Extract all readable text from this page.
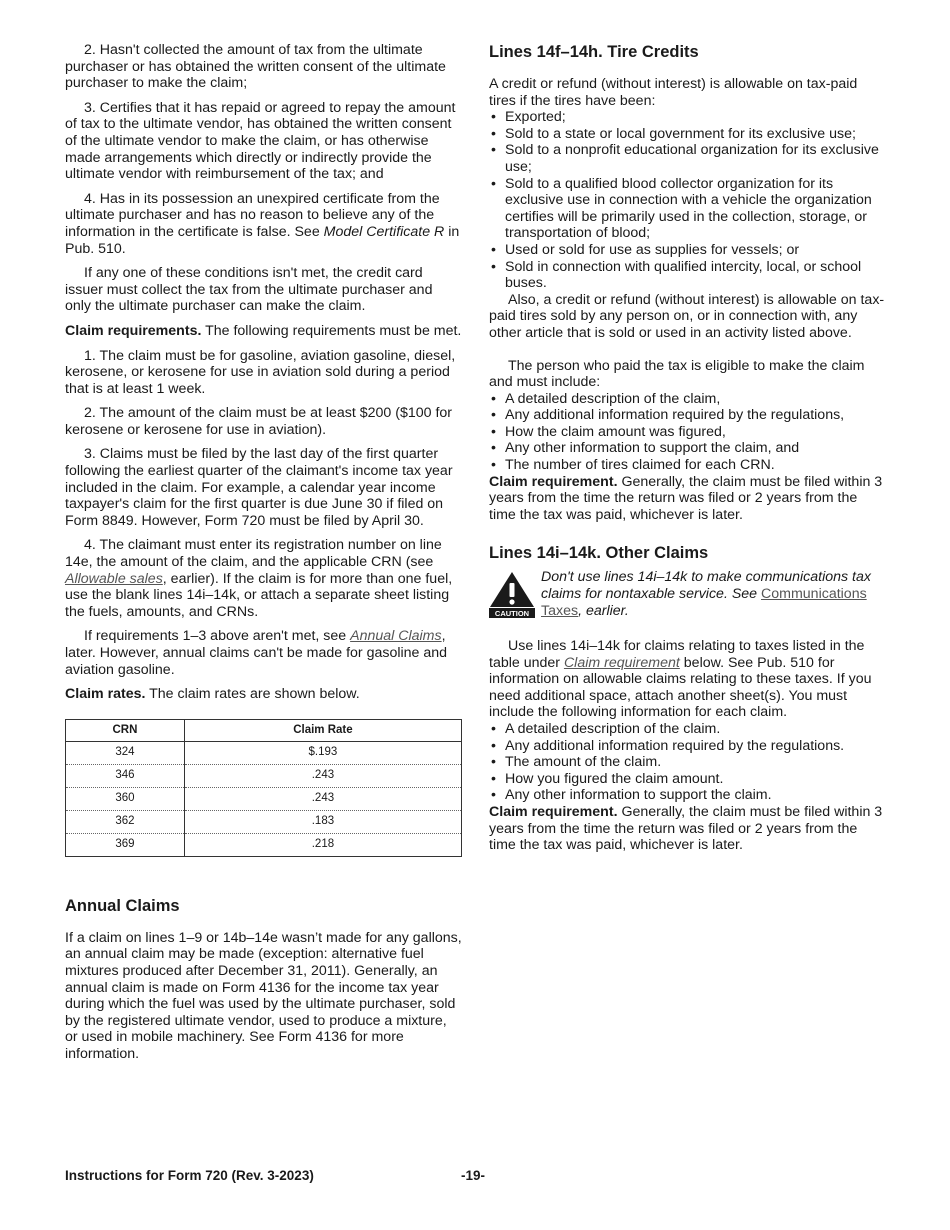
2. Hasn't collected the amount of tax from the ultimate purchaser or has obtained the written consent of the ultimate purchaser to make the claim;

3. Certifies that it has repaid or agreed to repay the amount of tax to the ultimate vendor, has obtained the written consent of the ultimate vendor to make the claim, or has otherwise made arrangements which directly or indirectly provide the ultimate vendor with reimbursement of the tax; and

4. Has in its possession an unexpired certificate from the ultimate purchaser and has no reason to believe any of the information in the certificate is false. See Model Certificate R in Pub. 510.

If any one of these conditions isn't met, the credit card issuer must collect the tax from the ultimate purchaser and only the ultimate purchaser can make the claim.

Claim requirements. The following requirements must be met.

1. The claim must be for gasoline, aviation gasoline, diesel, kerosene, or kerosene for use in aviation sold during a period that is at least 1 week.

2. The amount of the claim must be at least $200 ($100 for kerosene or kerosene for use in aviation).

3. Claims must be filed by the last day of the first quarter following the earliest quarter of the claimant's income tax year included in the claim. For example, a calendar year income taxpayer's claim for the first quarter is due June 30 if filed on Form 8849. However, Form 720 must be filed by April 30.

4. The claimant must enter its registration number on line 14e, the amount of the claim, and the applicable CRN (see Allowable sales, earlier). If the claim is for more than one fuel, use the blank lines 14i–14k, or attach a separate sheet listing the fuels, amounts, and CRNs.

If requirements 1–3 above aren't met, see Annual Claims, later. However, annual claims can't be made for gasoline and aviation gasoline.

Claim rates. The claim rates are shown below.

CRN	Claim Rate
324	$.193
346	.243
360	.243
362	.183
369	.218
Annual Claims

If a claim on lines 1–9 or 14b–14e wasn’t made for any gallons, an annual claim may be made (exception: alternative fuel mixtures produced after December 31, 2011). Generally, an annual claim is made on Form 4136 for the income tax year during which the fuel was used by the ultimate purchaser, sold by the registered ultimate vendor, used to produce a mixture, or used in mobile machinery. See Form 4136 for more information.

Lines 14f–14h. Tire Credits

A credit or refund (without interest) is allowable on tax-paid tires if the tires have been:

• Exported;
• Sold to a state or local government for its exclusive use;
• Sold to a nonprofit educational organization for its exclusive use;
• Sold to a qualified blood collector organization for its exclusive use in connection with a vehicle the organization certifies will be primarily used in the collection, storage, or transportation of blood;
• Used or sold for use as supplies for vessels; or
• Sold in connection with qualified intercity, local, or school buses.

Also, a credit or refund (without interest) is allowable on tax-paid tires sold by any person on, or in connection with, any other article that is sold or used in an activity listed above.

The person who paid the tax is eligible to make the claim and must include:

• A detailed description of the claim,
• Any additional information required by the regulations,
• How the claim amount was figured,
• Any other information to support the claim, and
• The number of tires claimed for each CRN.

Claim requirement. Generally, the claim must be filed within 3 years from the time the return was filed or 2 years from the time the tax was paid, whichever is later.

Lines 14i–14k. Other Claims
CAUTION

Don't use lines 14i–14k to make communications tax claims for nontaxable service. See Communications Taxes, earlier.

Use lines 14i–14k for claims relating to taxes listed in the table under Claim requirement below. See Pub. 510 for information on allowable claims relating to these taxes. If you need additional space, attach another sheet(s). You must include the following information for each claim.

• A detailed description of the claim.
• Any additional information required by the regulations.
• The amount of the claim.
• How you figured the claim amount.
• Any other information to support the claim.

Claim requirement. Generally, the claim must be filed within 3 years from the time the return was filed or 2 years from the time the tax was paid, whichever is later.

Instructions for Form 720 (Rev. 3-2023)	-19-
